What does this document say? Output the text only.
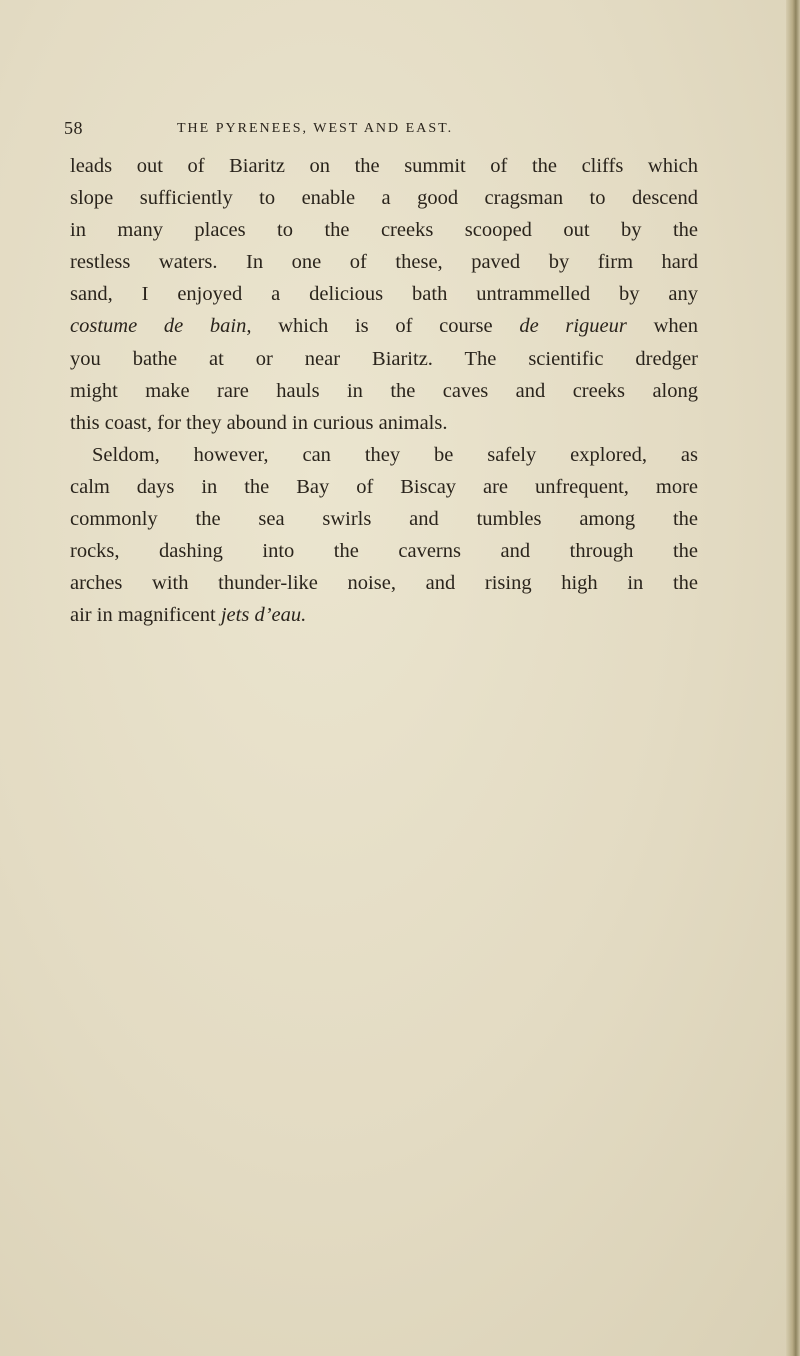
58	THE PYRENEES, WEST AND EAST.
leads out of Biaritz on the summit of the cliffs which
slope sufficiently to enable a good cragsman to descend
in many places to the creeks scooped out by the
restless waters. In one of these, paved by firm hard
sand, I enjoyed a delicious bath untrammelled by any
costume de bain, which is of course de rigueur when
you bathe at or near Biaritz. The scientific dredger
might make rare hauls in the caves and creeks along
this coast, for they abound in curious animals.
Seldom, however, can they be safely explored, as
calm days in the Bay of Biscay are unfrequent, more
commonly the sea swirls and tumbles among the
rocks, dashing into the caverns and through the
arches with thunder-like noise, and rising high in the
air in magnificent jets d’eau.
